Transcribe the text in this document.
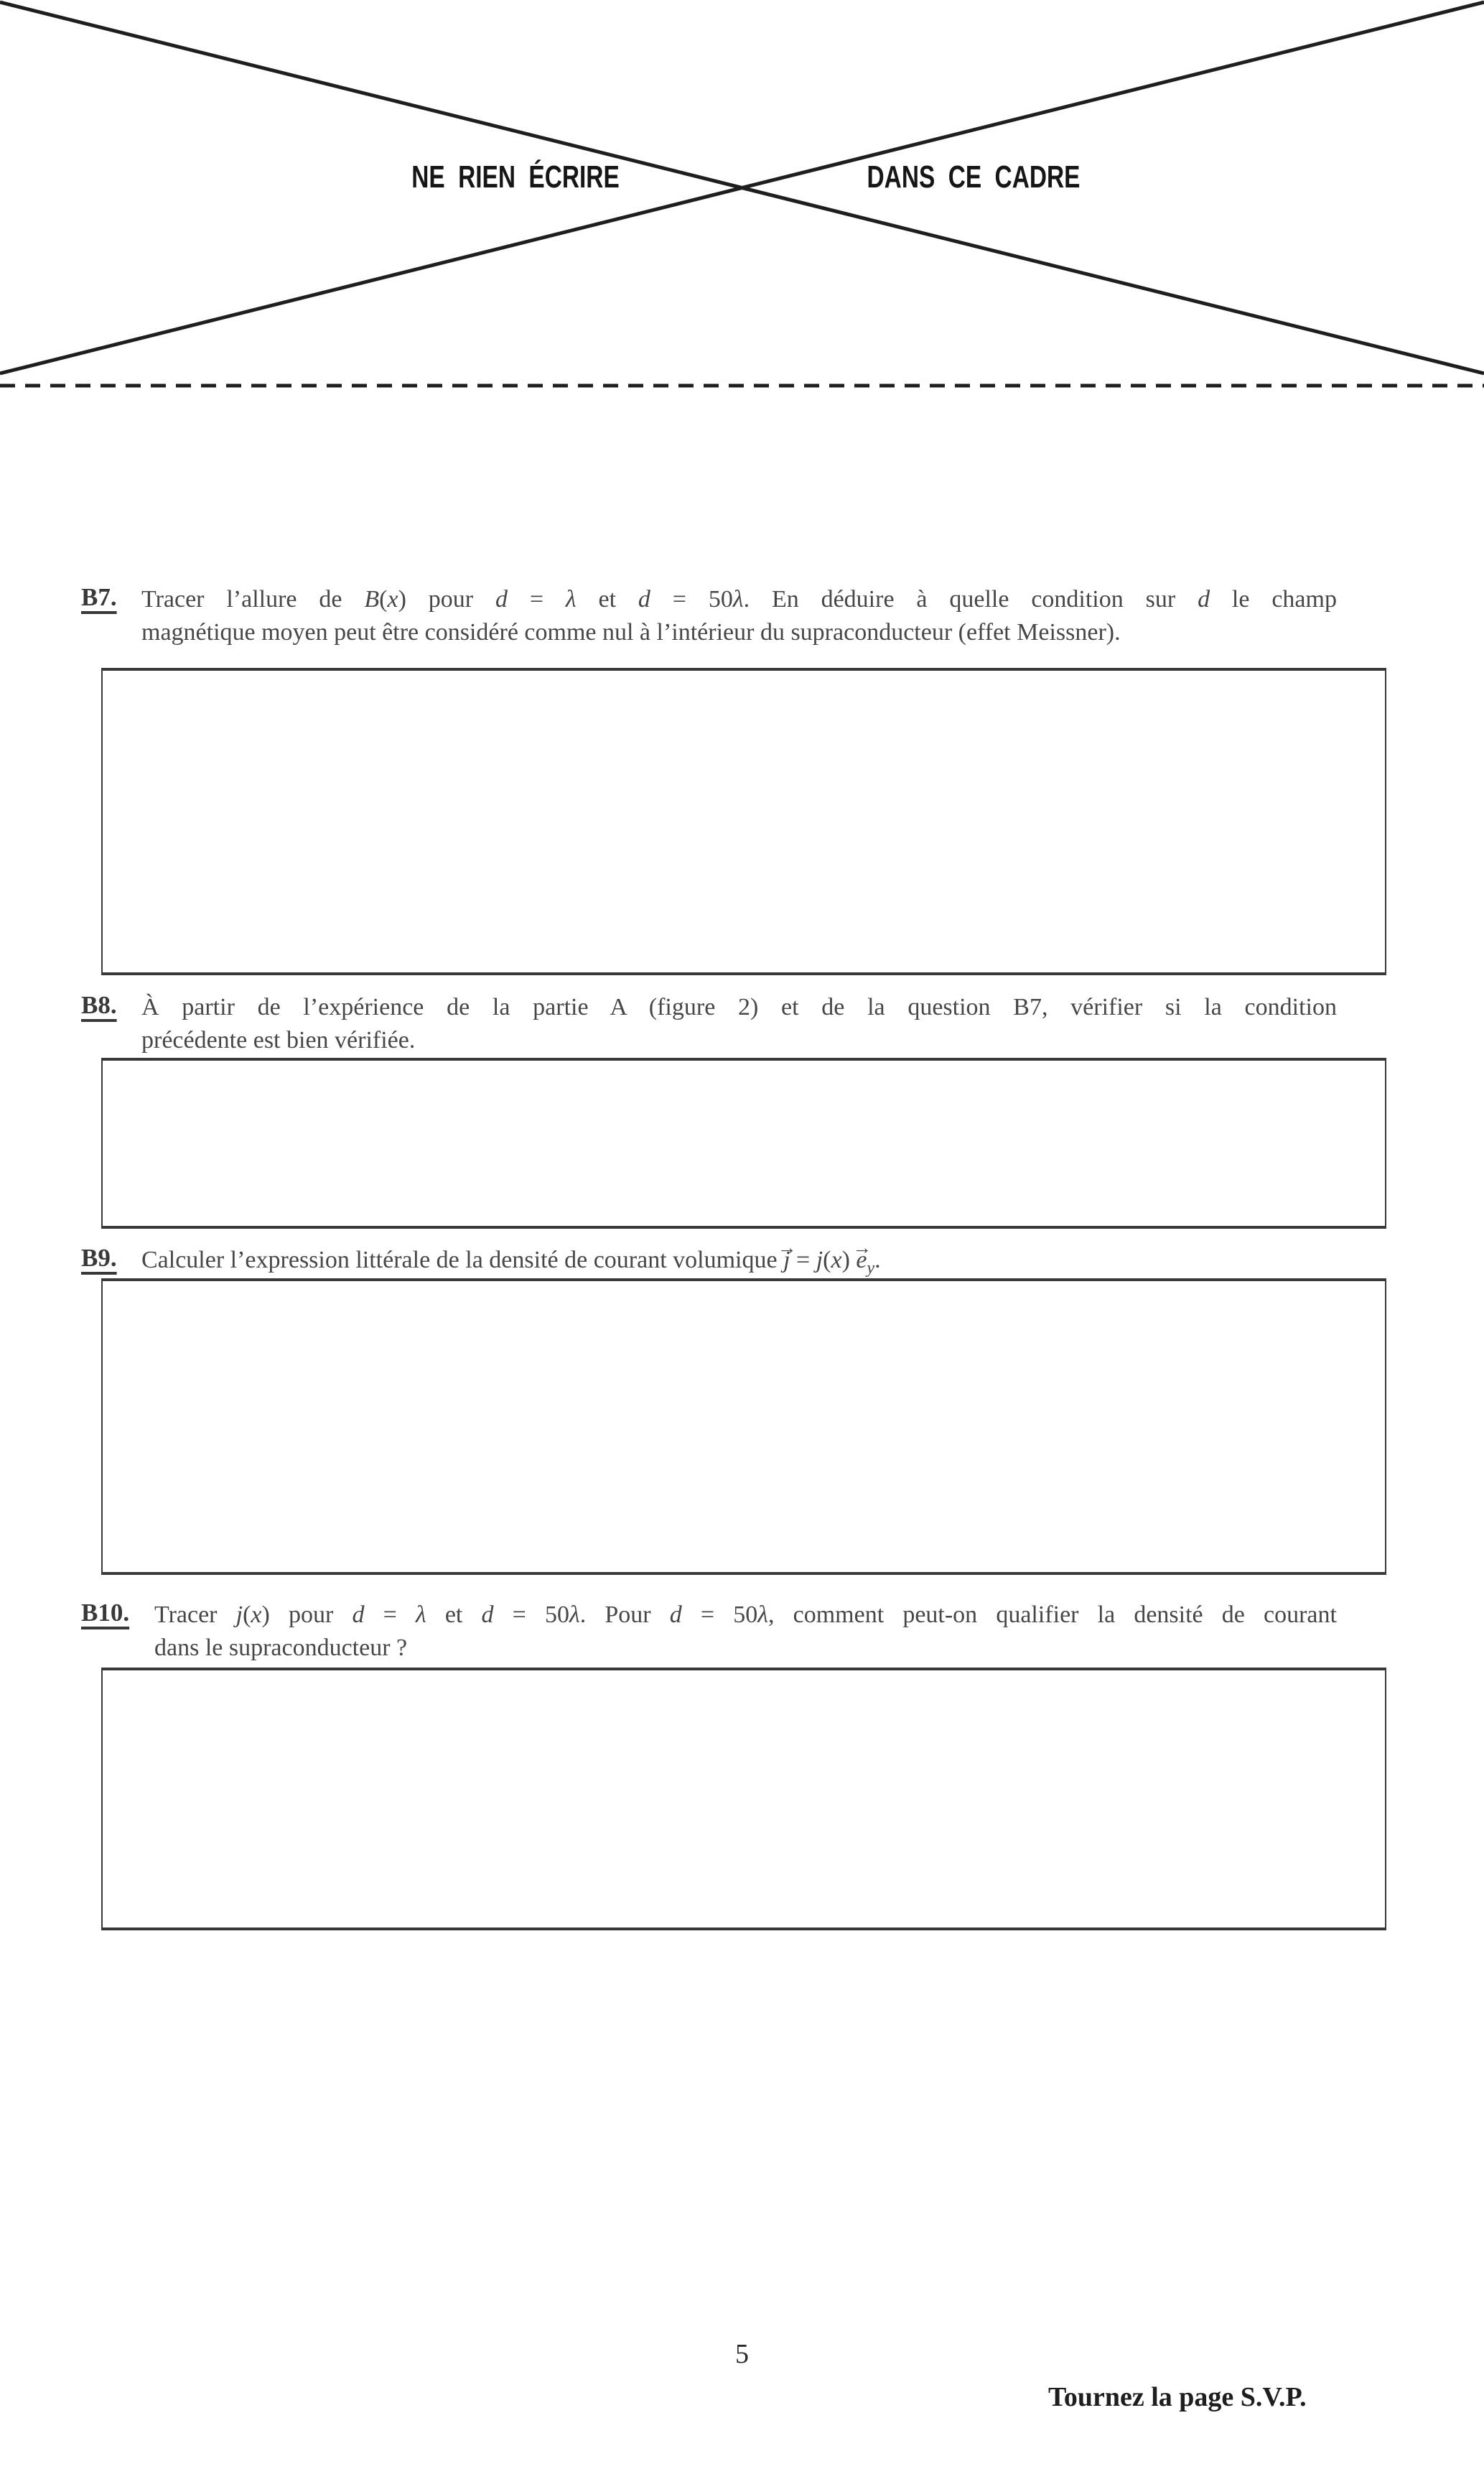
NE RIEN ÉCRIRE	DANS CE CADRE
B7. Tracer l’allure de B(x) pour d = λ et d = 50λ. En déduire à quelle condition sur d le champ
magnétique moyen peut être considéré comme nul à l’intérieur du supraconducteur (effet Meissner).
B8. À partir de l’expérience de la partie A (figure 2) et de la question B7, vérifier si la condition
précédente est bien vérifiée.
B9. Calculer l’expression littérale de la densité de courant volumique j → = j(x) $e \to_y$.
B10. Tracer j(x) pour d = λ et d = 50λ. Pour d = 50λ, comment peut-on qualifier la densité de courant
dans le supraconducteur ?
5
Tournez la page S.V.P.
